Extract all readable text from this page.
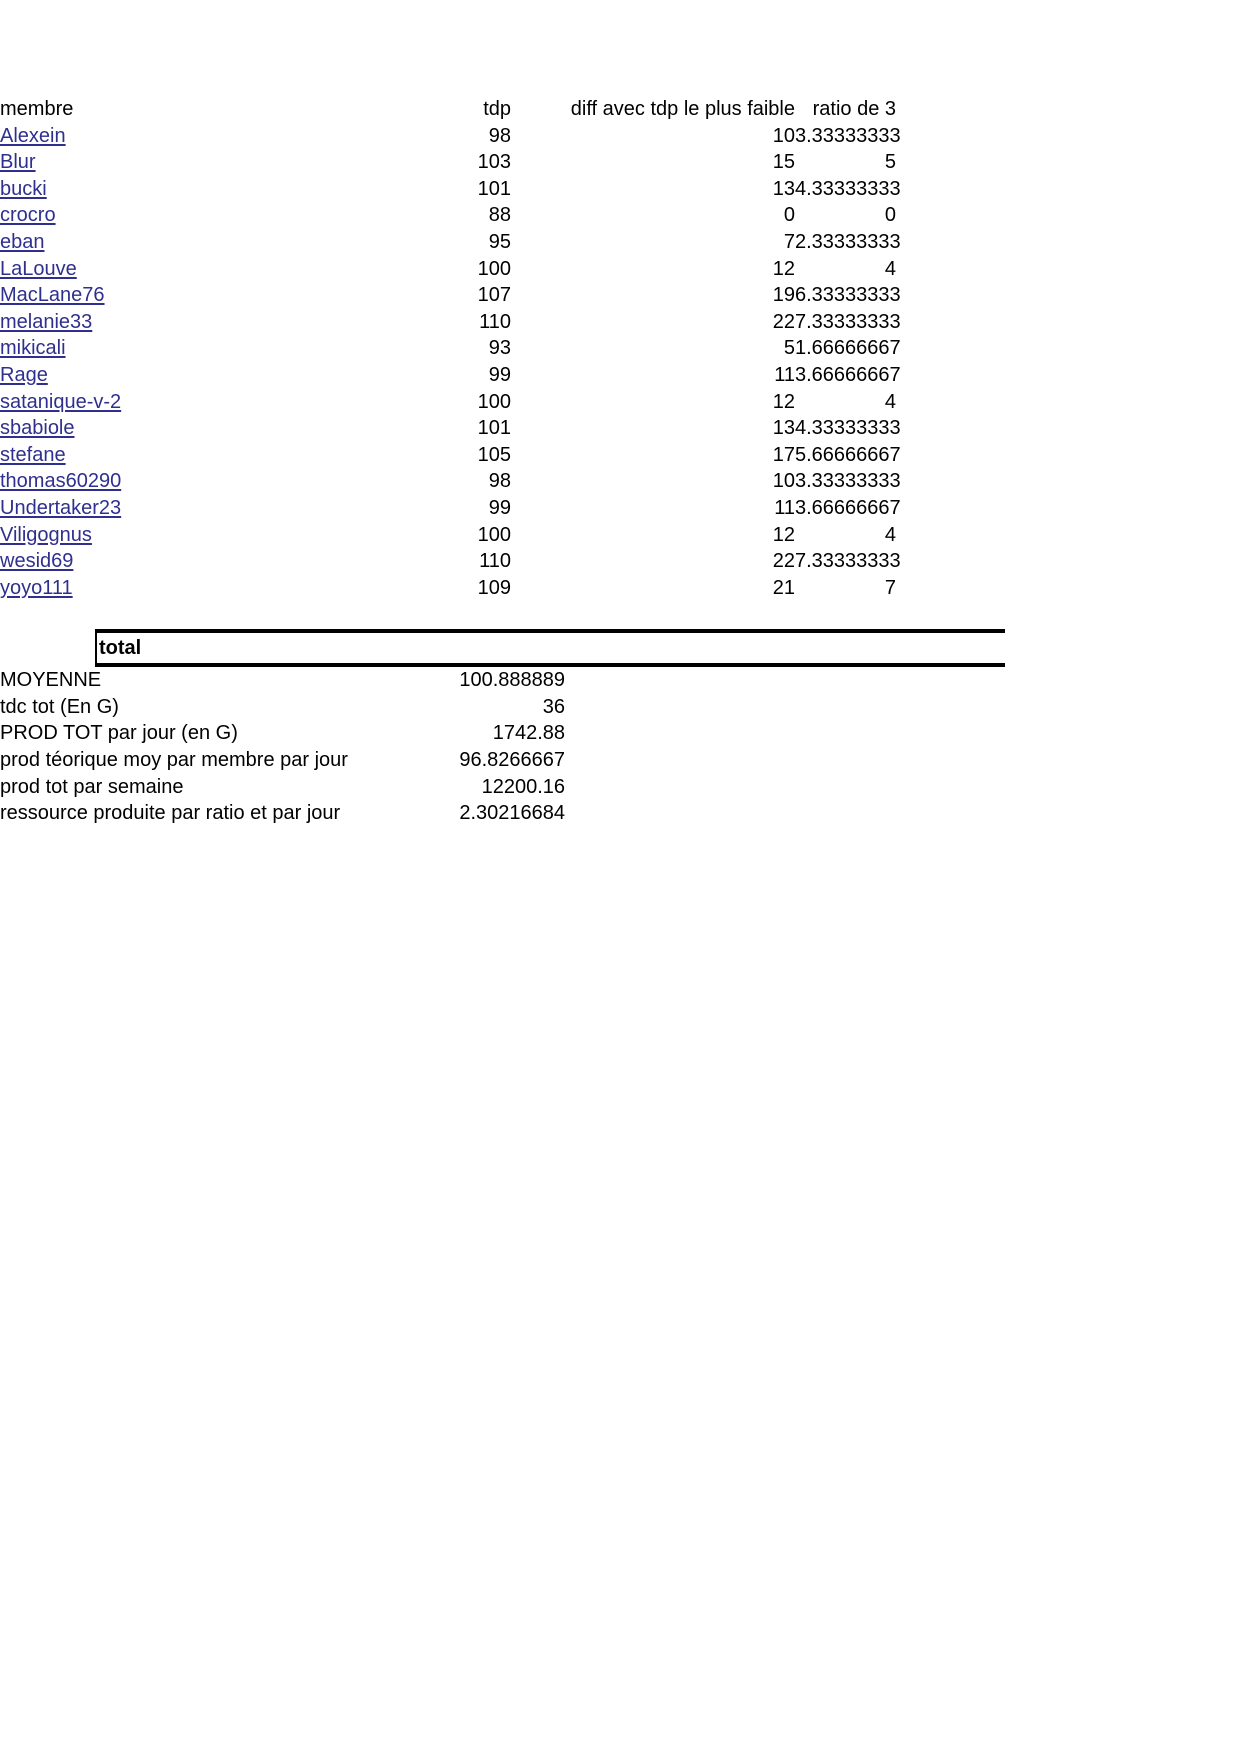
membre	tdp	diff avec tdp le plus faible	ratio de 3
Alexein	98	10	3.33333333
Blur	103	15	5
bucki	101	13	4.33333333
crocro	88	0	0
eban	95	7	2.33333333
LaLouve	100	12	4
MacLane76	107	19	6.33333333
melanie33	110	22	7.33333333
mikicali	93	5	1.66666667
Rage	99	11	3.66666667
satanique-v-2	100	12	4
sbabiole	101	13	4.33333333
stefane	105	17	5.66666667
thomas60290	98	10	3.33333333
Undertaker23	99	11	3.66666667
Viligognus	100	12	4
wesid69	110	22	7.33333333
yoyo111	109	21	7
total
MOYENNE	100.888889
tdc tot (En G)	36
PROD TOT par jour (en G)	1742.88
prod téorique moy par membre par jour	96.8266667
prod tot par semaine	12200.16
ressource produite par ratio et par jour	2.30216684
